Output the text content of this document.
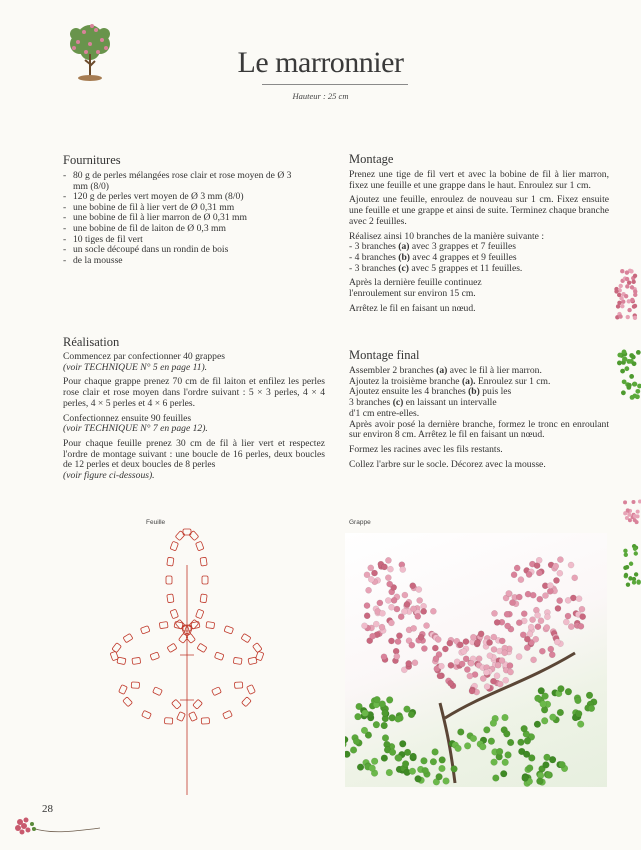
Le marronnier
Hauteur : 25 cm
Fournitures
- 80 g de perles mélangées rose clair et rose moyen de Ø 3 mm (8/0)
- 120 g de perles vert moyen de Ø 3 mm (8/0)
- une bobine de fil à lier vert de Ø 0,31 mm
- une bobine de fil à lier marron de Ø 0,31 mm
- une bobine de fil de laiton de Ø 0,3 mm
- 10 tiges de fil vert
- un socle découpé dans un rondin de bois
- de la mousse
Réalisation

Commencez par confectionner 40 grappes
(voir TECHNIQUE N° 5 en page 11).

Pour chaque grappe prenez 70 cm de fil laiton et enfilez les perles rose clair et rose moyen dans l'ordre suivant : 5 × 3 perles, 4 × 4 perles, 4 × 5 perles et 4 × 6 perles.

Confectionnez ensuite 90 feuilles
(voir TECHNIQUE N° 7 en page 12).

Pour chaque feuille prenez 30 cm de fil à lier vert et respectez l'ordre de montage suivant : une boucle de 16 perles, deux boucles de 12 perles et deux boucles de 8 perles
(voir figure ci-dessous).

Montage

Prenez une tige de fil vert et avec la bobine de fil à lier marron, fixez une feuille et une grappe dans le haut. Enroulez sur 1 cm.

Ajoutez une feuille, enroulez de nouveau sur 1 cm. Fixez ensuite une feuille et une grappe et ainsi de suite. Terminez chaque branche avec 2 feuilles.

Réalisez ainsi 10 branches de la manière suivante :

- 3 branches (a) avec 3 grappes et 7 feuilles
- 4 branches (b) avec 4 grappes et 9 feuilles
- 3 branches (c) avec 5 grappes et 11 feuilles.

Après la dernière feuille continuez
l'enroulement sur environ 15 cm.

Arrêtez le fil en faisant un nœud.

Montage final
Assembler 2 branches (a) avec le fil à lier marron.
Ajoutez la troisième branche (a). Enroulez sur 1 cm.
Ajoutez ensuite les 4 branches (b) puis les
3 branches (c) en laissant un intervalle
d'1 cm entre-elles.

Après avoir posé la dernière branche, formez le tronc en enroulant sur environ 8 cm. Arrêtez le fil en faisant un nœud.

Formez les racines avec les fils restants.

Collez l'arbre sur le socle. Décorez avec la mousse.

Feuille	Grappe
28
